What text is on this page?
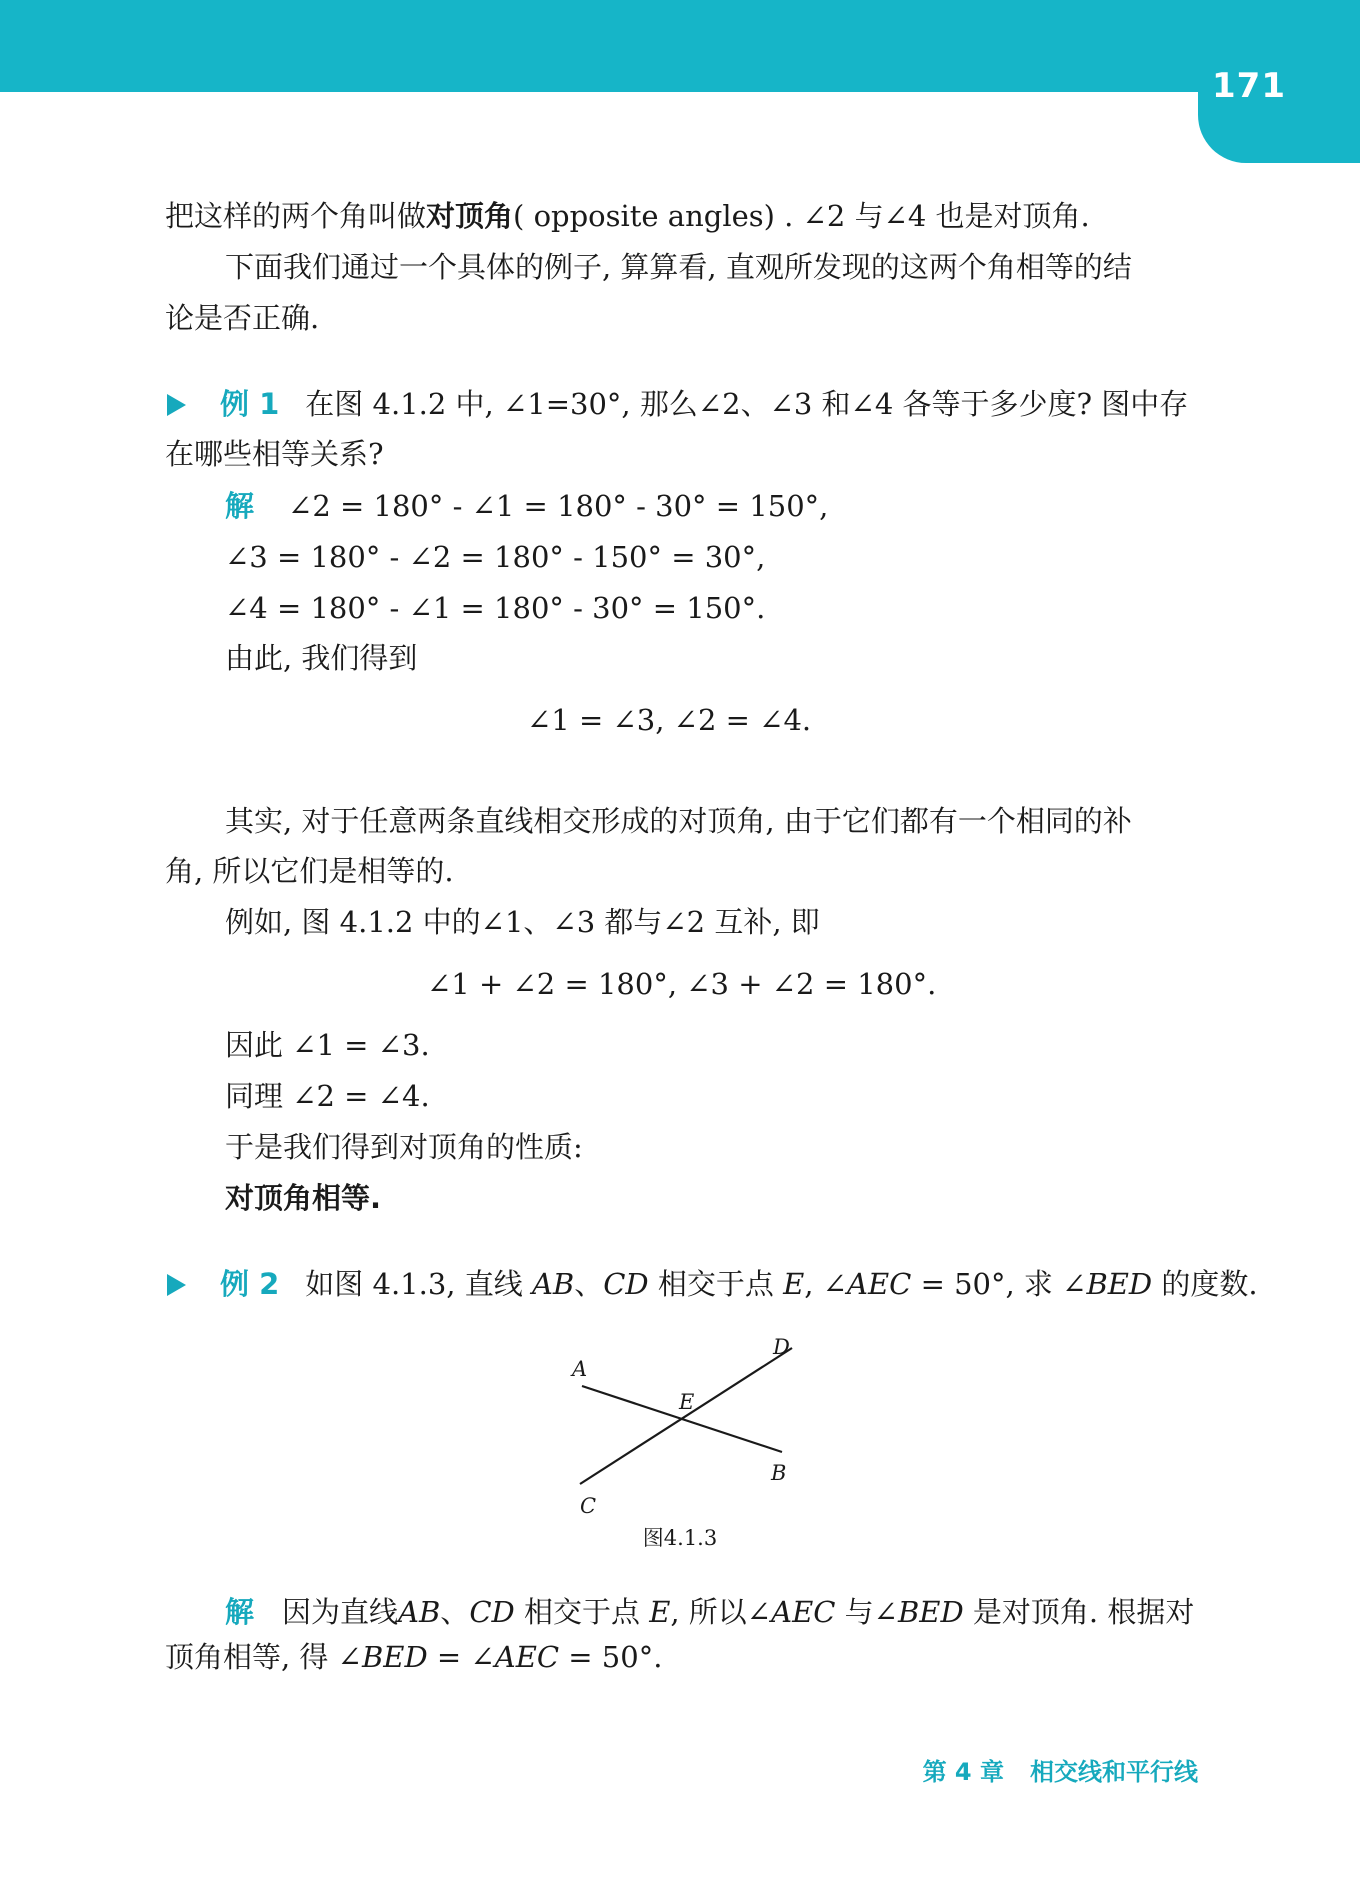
171
把这样的两个角叫做对顶角( opposite angles) . ∠2 与∠4 也是对顶角.
下面我们通过一个具体的例子, 算算看, 直观所发现的这两个角相等的结
论是否正确.
例 1 在图 4.1.2 中, ∠1=30°, 那么∠2、∠3 和∠4 各等于多少度? 图中存
在哪些相等关系?
解 ∠2 = 180° - ∠1 = 180° - 30° = 150°,
∠3 = 180° - ∠2 = 180° - 150° = 30°,
∠4 = 180° - ∠1 = 180° - 30° = 150°.
由此, 我们得到
∠1 = ∠3, ∠2 = ∠4.
其实, 对于任意两条直线相交形成的对顶角, 由于它们都有一个相同的补
角, 所以它们是相等的.
例如, 图 4.1.2 中的∠1、∠3 都与∠2 互补, 即
∠1 + ∠2 = 180°, ∠3 + ∠2 = 180°.
因此 ∠1 = ∠3.
同理 ∠2 = ∠4.
于是我们得到对顶角的性质:
对顶角相等.
例 2 如图 4.1.3, 直线 AB、CD 相交于点 E, ∠AEC = 50°, 求 ∠BED 的度数.
A
B
C
D
E
图4.1.3
解 因为直线AB、CD 相交于点 E, 所以∠AEC 与∠BED 是对顶角. 根据对
顶角相等, 得 ∠BED = ∠AEC = 50°.
第 4 章 相交线和平行线
